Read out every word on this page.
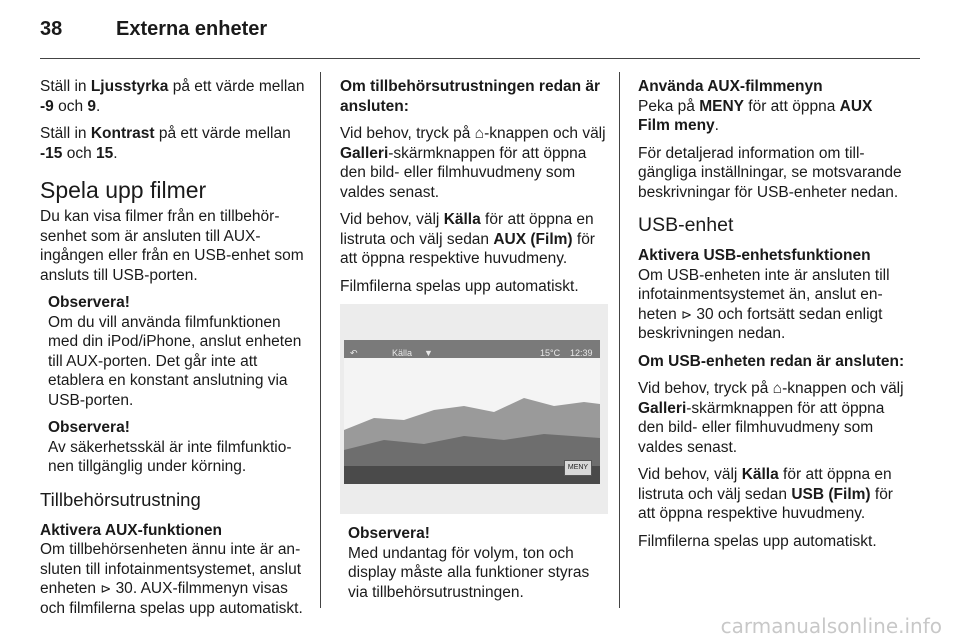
38	Externa enheter

Ställ in Ljusstyrka på ett värde mellan -9 och 9.

Ställ in Kontrast på ett värde mellan -15 och 15.

Spela upp filmer

Du kan visa filmer från en tillbehörsenhet som är ansluten till AUX-ingången eller från en USB-enhet som ansluts till USB-porten.

Observera!
Om du vill använda filmfunktionen med din iPod/iPhone, anslut enheten till AUX-porten. Det går inte att etablera en konstant anslutning via USB-porten.
Observera!
Av säkerhetsskäl är inte filmfunktionen tillgänglig under körning.
Tillbehörsutrustning
Aktivera AUX-funktionen
Om tillbehörsenheten ännu inte är ansluten till infotainmentsystemet, anslut enheten ⊳ 30. AUX-filmmenyn visas och filmfilerna spelas upp automatiskt.

Om tillbehörsutrustningen redan är ansluten:

Vid behov, tryck på ⌂-knappen och välj Galleri-skärmknappen för att öppna den bild- eller filmhuvudmeny som valdes senast.

Vid behov, välj Källa för att öppna en listruta och välj sedan AUX (Film) för att öppna respektive huvudmeny.

Filmfilerna spelas upp automatiskt.

↶	Källa ▼	15°C 12:39
MENY
Observera!
Med undantag för volym, ton och display måste alla funktioner styras via tillbehörsutrustningen.

Använda AUX-filmmenyn
Peka på MENY för att öppna AUX Film meny.

För detaljerad information om tillgängliga inställningar, se motsvarande beskrivningar för USB-enheter nedan.

USB-enhet
Aktivera USB-enhetsfunktionen

Om USB-enheten inte är ansluten till infotainmentsystemet än, anslut enheten ⊳ 30 och fortsätt sedan enligt beskrivningen nedan.

Om USB-enheten redan är ansluten:

Vid behov, tryck på ⌂-knappen och välj Galleri-skärmknappen för att öppna den bild- eller filmhuvudmeny som valdes senast.

Vid behov, välj Källa för att öppna en listruta och välj sedan USB (Film) för att öppna respektive huvudmeny.

Filmfilerna spelas upp automatiskt.

carmanualsonline.info
